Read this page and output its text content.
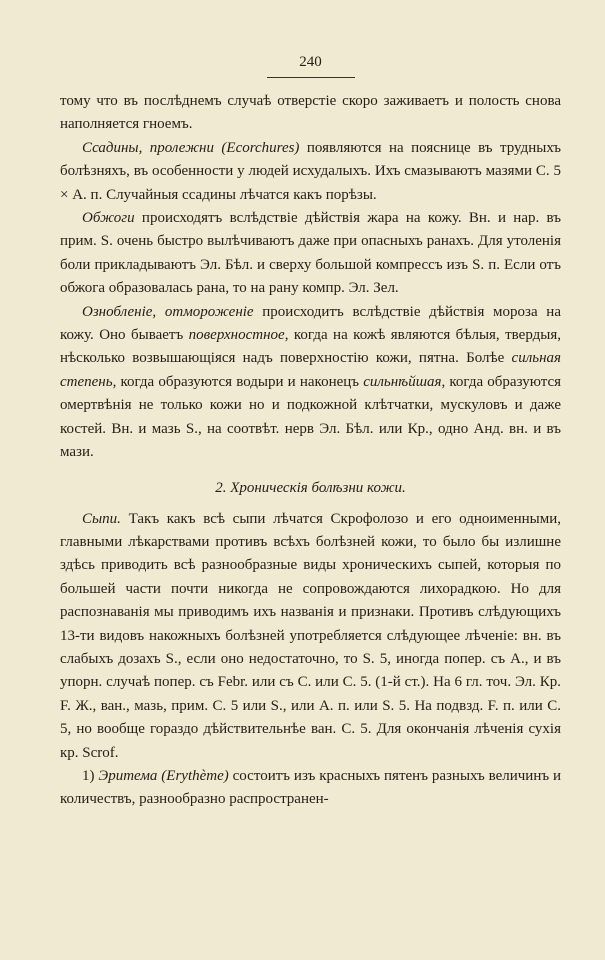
240

тому что въ послѣднемъ случаѣ отверстіе скоро заживаетъ и полость снова наполняется гноемъ.

Ссадины, пролежни (Ecorchures) появляются на пояснице въ трудныхъ болѣзняхъ, въ особенности у людей исхудалыхъ. Ихъ смазываютъ мазями С. 5 × А. п. Случайныя ссадины лѣчатся какъ порѣзы.

Обжоги происходятъ вслѣдствіе дѣйствія жара на кожу. Вн. и нар. въ прим. S. очень быстро вылѣчиваютъ даже при опасныхъ ранахъ. Для утоленія боли прикладываютъ Эл. Бѣл. и сверху большой компрессъ изъ S. п. Если отъ обжога образовалась рана, то на рану компр. Эл. Зел.

Ознобленіе, отмороженіе происходитъ вслѣдствіе дѣйствія мороза на кожу. Оно бываетъ поверхностное, когда на кожѣ являются бѣлыя, твердыя, нѣсколько возвышающіяся надъ поверхностію кожи, пятна. Болѣе сильная степень, когда образуются водыри и наконецъ сильнѣйшая, когда образуются омертвѣнія не только кожи но и подкожной клѣтчатки, мускуловъ и даже костей. Вн. и мазь S., на соотвѣт. нерв Эл. Бѣл. или Кр., одно Анд. вн. и въ мази.

2. Хроническія болѣзни кожи.

Сыпи. Такъ какъ всѣ сыпи лѣчатся Скрофолозо и его одноименными, главными лѣкарствами противъ всѣхъ болѣзней кожи, то было бы излишне здѣсь приводить всѣ разнообразные виды хроническихъ сыпей, которыя по большей части почти никогда не сопровождаются лихорадкою. Но для распознаванія мы приводимъ ихъ названія и признаки. Противъ слѣдующихъ 13-ти видовъ накожныхъ болѣзней употребляется слѣдующее лѣченіе: вн. въ слабыхъ дозахъ S., если оно недостаточно, то S. 5, иногда попер. съ А., и въ упорн. случаѣ попер. съ Febr. или съ С. или С. 5. (1-й ст.). На 6 гл. точ. Эл. Кр. F. Ж., ван., мазь, прим. С. 5 или S., или А. п. или S. 5. На подвзд. F. п. или С. 5, но вообще гораздо дѣйствительнѣе ван. С. 5. Для окончанія лѣченія сухія кр. Scrof.

1) Эритема (Erythème) состоитъ изъ красныхъ пятенъ разныхъ величинъ и количествъ, разнообразно распространен-
